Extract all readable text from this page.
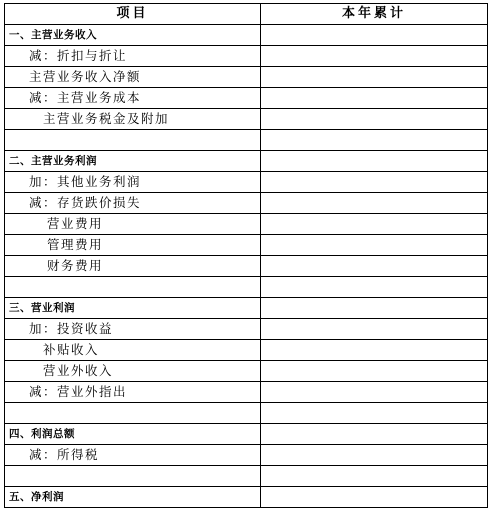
项目	本年累计
一、主营业务收入	
减：折扣与折让	
主营业务收入净额	
减：主营业务成本	
主营业务税金及附加	

二、主营业务利润	
加：其他业务利润	
减：存货跌价损失	
营业费用	
管理费用	
财务费用	

三、营业利润	
加：投资收益	
补贴收入	
营业外收入	
减：营业外指出	

四、利润总额	
减：所得税	

五、净利润	
